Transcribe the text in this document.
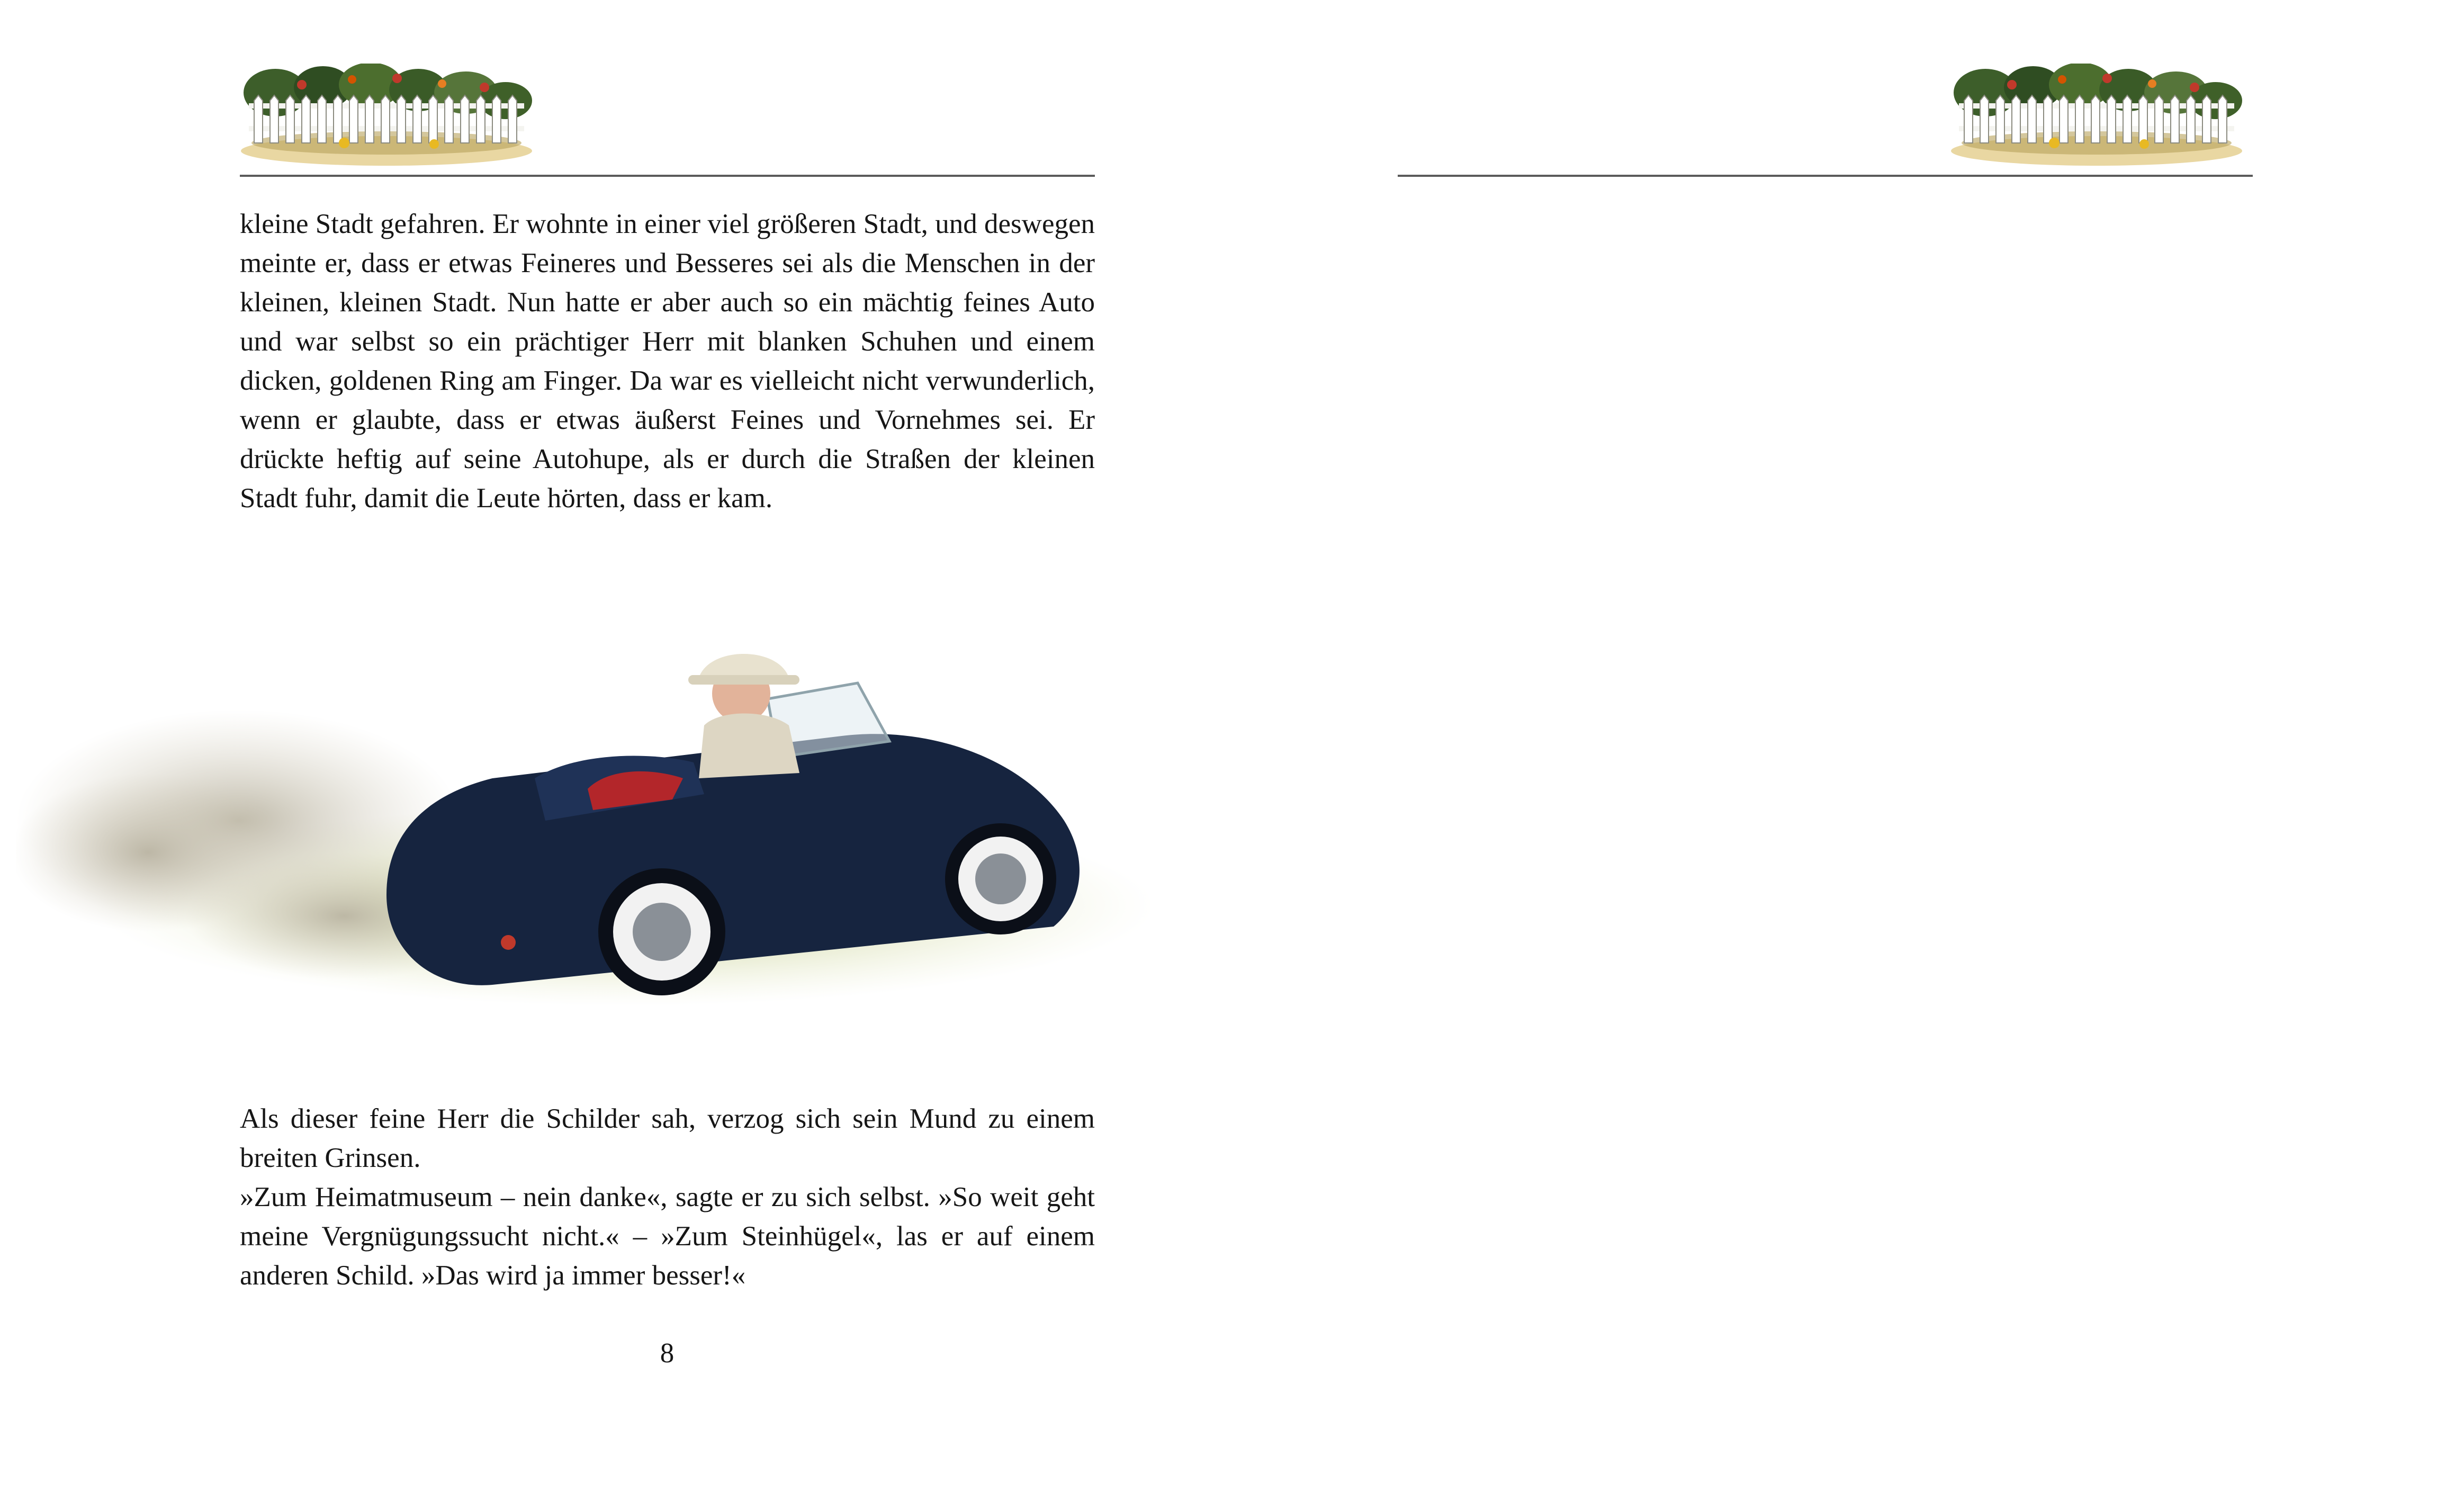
kleine Stadt gefahren. Er wohnte in einer viel größeren Stadt, und deswegen meinte er, dass er etwas Feineres und Besseres sei als die Menschen in der kleinen, kleinen Stadt. Nun hatte er aber auch so ein mächtig feines Auto und war selbst so ein prächtiger Herr mit blanken Schuhen und einem dicken, goldenen Ring am Finger. Da war es vielleicht nicht verwunderlich, wenn er glaubte, dass er etwas äußerst Feines und Vornehmes sei. Er drückte heftig auf seine Autohupe, als er durch die Straßen der kleinen Stadt fuhr, damit die Leute hörten, dass er kam.

Als dieser feine Herr die Schilder sah, verzog sich sein Mund zu einem breiten Grinsen.

»Zum Heimatmuseum – nein danke«, sagte er zu sich selbst. »So weit geht meine Vergnügungssucht nicht.« – »Zum Steinhügel«, las er auf einem anderen Schild. »Das wird ja immer besser!«

8
